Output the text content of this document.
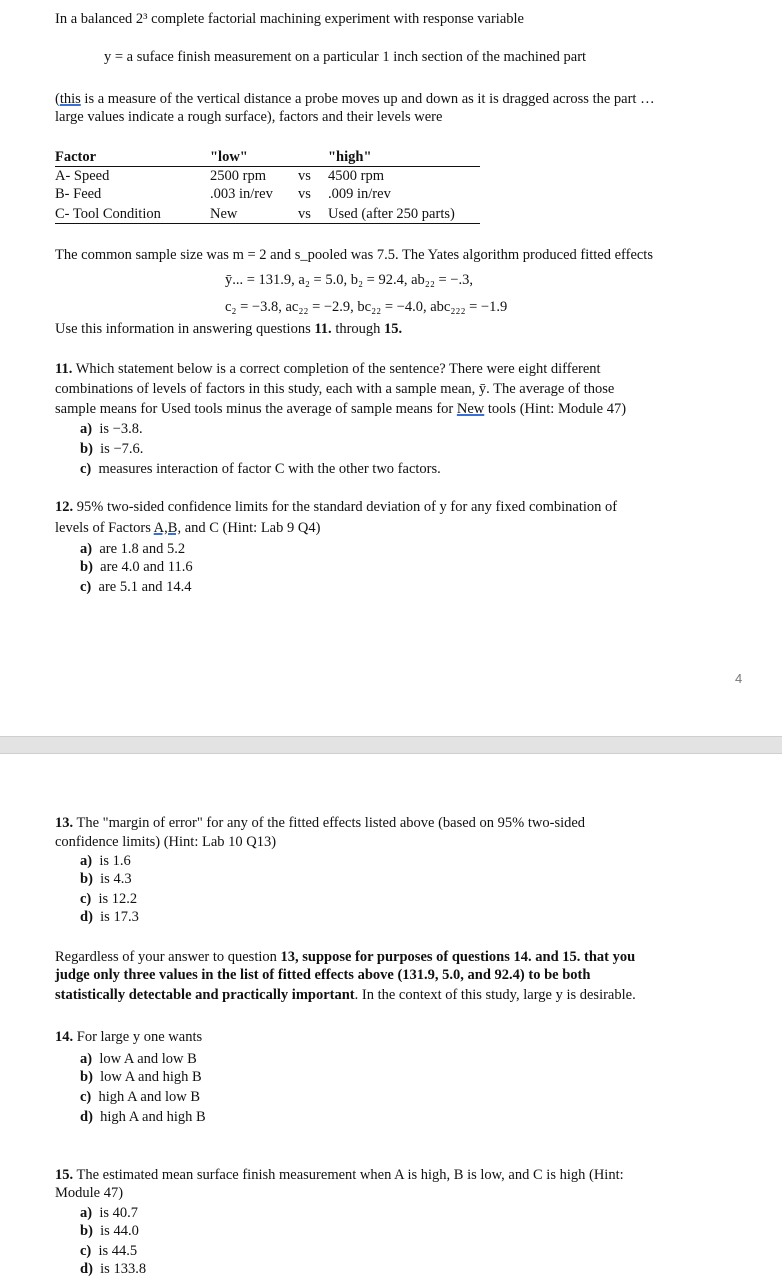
In a balanced 2³ complete factorial machining experiment with response variable
y = a suface finish measurement on a particular 1 inch section of the machined part
(this is a measure of the vertical distance a probe moves up and down as it is dragged across the part …
large values indicate a rough surface), factors and their levels were
Factor	"low"	"high"
A- Speed	2500 rpm vs 4500 rpm
B- Feed	.003 in/rev vs .009 in/rev
C- Tool Condition	New	vs Used (after 250 parts)
The common sample size was m = 2 and s_pooled was 7.5. The Yates algorithm produced fitted effects
ȳ... = 131.9, a₂ = 5.0, b₂ = 92.4, ab₂₂ = −.3,
c₂ = −3.8, ac₂₂ = −2.9, bc₂₂ = −4.0, abc₂₂₂ = −1.9
Use this information in answering questions 11. through 15.
11. Which statement below is a correct completion of the sentence? There were eight different
combinations of levels of factors in this study, each with a sample mean, ȳ. The average of those
sample means for Used tools minus the average of sample means for New tools (Hint: Module 47)
a) is −3.8.
b) is −7.6.
c) measures interaction of factor C with the other two factors.
12. 95% two-sided confidence limits for the standard deviation of y for any fixed combination of
levels of Factors A,B, and C (Hint: Lab 9 Q4)
a) are 1.8 and 5.2
b) are 4.0 and 11.6
c) are 5.1 and 14.4
4
13. The "margin of error" for any of the fitted effects listed above (based on 95% two-sided
confidence limits) (Hint: Lab 10 Q13)
a) is 1.6
b) is 4.3
c) is 12.2
d) is 17.3
Regardless of your answer to question 13, suppose for purposes of questions 14. and 15. that you
judge only three values in the list of fitted effects above (131.9, 5.0, and 92.4) to be both
statistically detectable and practically important. In the context of this study, large y is desirable.
14. For large y one wants
a) low A and low B
b) low A and high B
c) high A and low B
d) high A and high B
15. The estimated mean surface finish measurement when A is high, B is low, and C is high (Hint:
Module 47)
a) is 40.7
b) is 44.0
c) is 44.5
d) is 133.8
